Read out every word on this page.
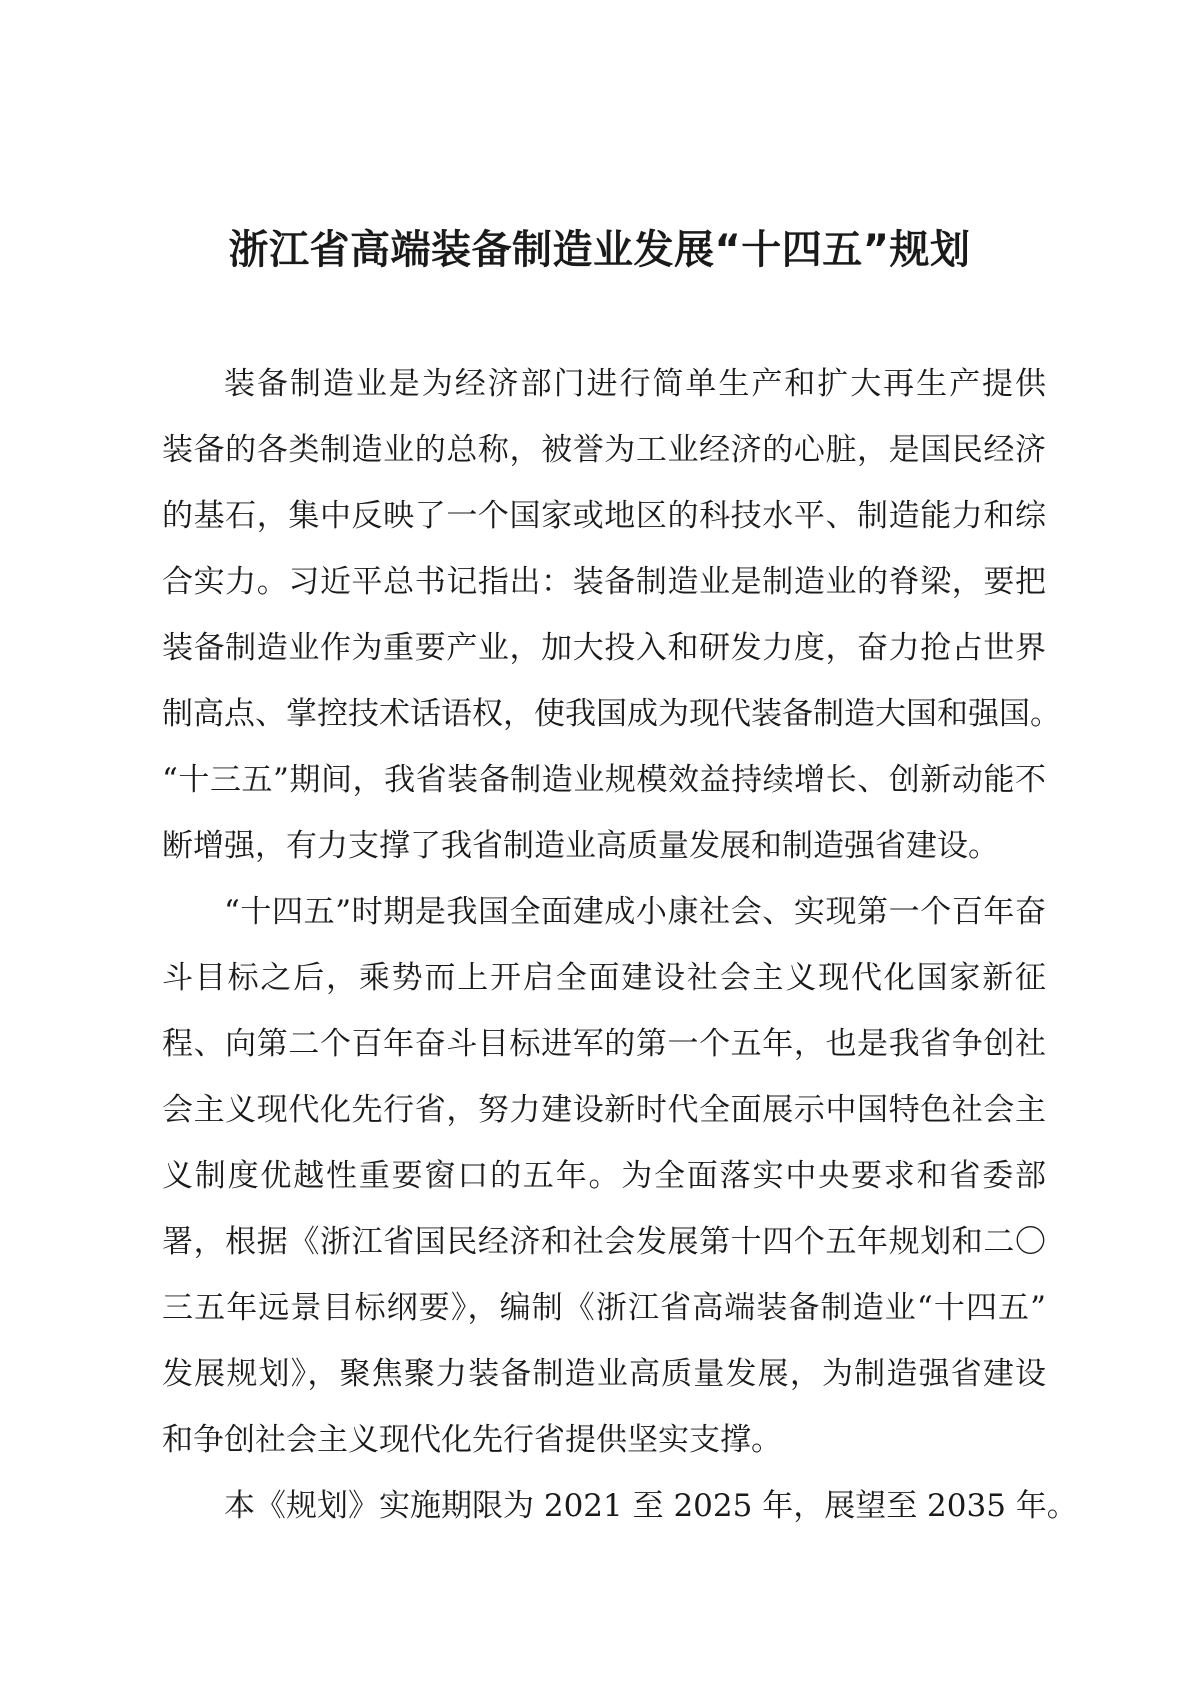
浙江省高端装备制造业发展“十四五”规划
装备制造业是为经济部门进行简单生产和扩大再生产提供
装备的各类制造业的总称，被誉为工业经济的心脏，是国民经济
的基石，集中反映了一个国家或地区的科技水平、制造能力和综
合实力。习近平总书记指出：装备制造业是制造业的脊梁，要把
装备制造业作为重要产业，加大投入和研发力度，奋力抢占世界
制高点、掌控技术话语权，使我国成为现代装备制造大国和强国。
“十三五”期间，我省装备制造业规模效益持续增长、创新动能不
断增强，有力支撑了我省制造业高质量发展和制造强省建设。
“十四五”时期是我国全面建成小康社会、实现第一个百年奋
斗目标之后，乘势而上开启全面建设社会主义现代化国家新征
程、向第二个百年奋斗目标进军的第一个五年，也是我省争创社
会主义现代化先行省，努力建设新时代全面展示中国特色社会主
义制度优越性重要窗口的五年。为全面落实中央要求和省委部
署，根据《浙江省国民经济和社会发展第十四个五年规划和二〇
三五年远景目标纲要》，编制《浙江省高端装备制造业“十四五”
发展规划》，聚焦聚力装备制造业高质量发展，为制造强省建设
和争创社会主义现代化先行省提供坚实支撑。
本《规划》实施期限为 2021 至 2025 年，展望至 2035 年。
